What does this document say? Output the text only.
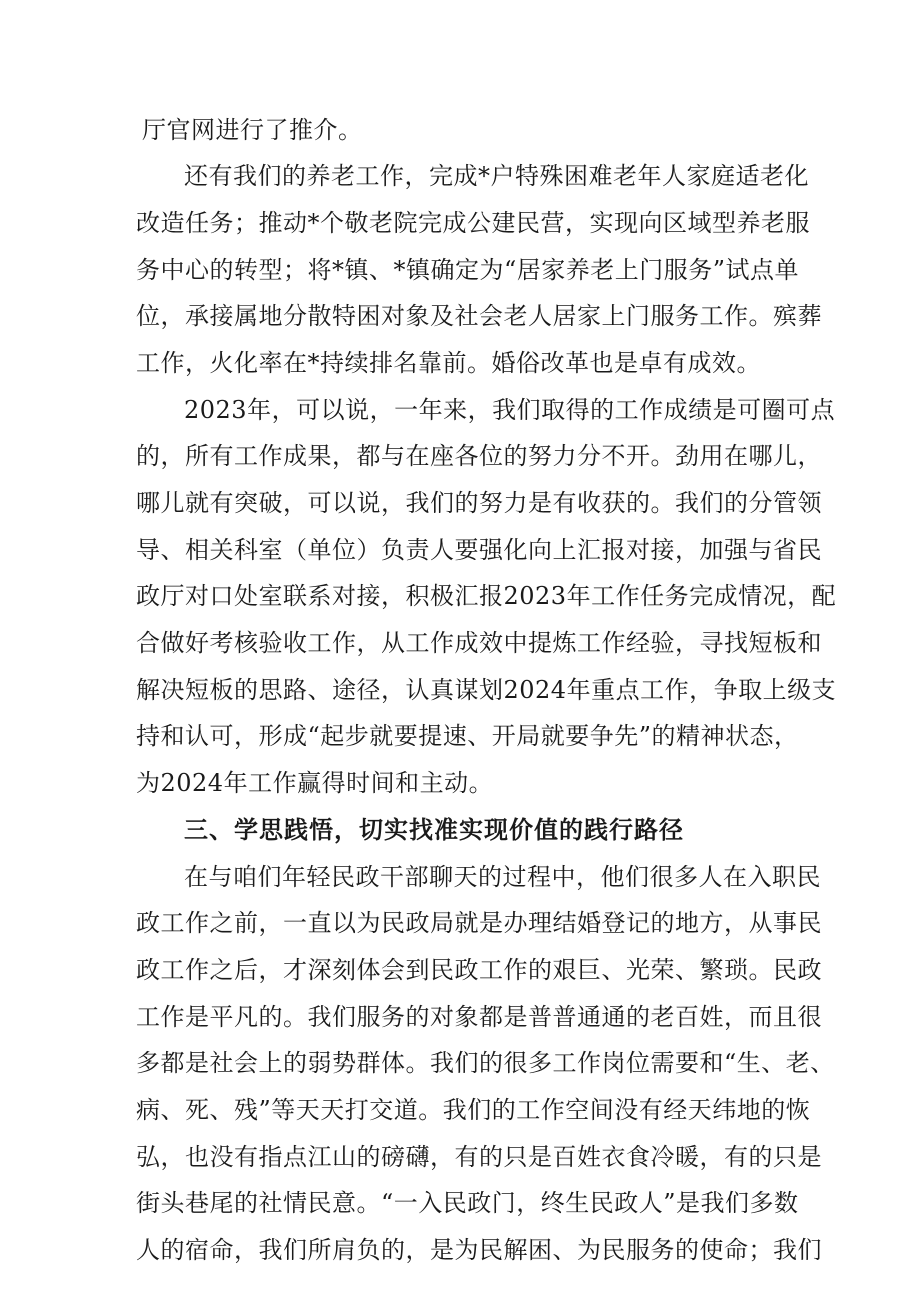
厅官网进行了推介。
还有我们的养老工作，完成*户特殊困难老年人家庭适老化
改造任务；推动*个敬老院完成公建民营，实现向区域型养老服
务中心的转型；将*镇、*镇确定为“居家养老上门服务”试点单
位，承接属地分散特困对象及社会老人居家上门服务工作。殡葬
工作，火化率在*持续排名靠前。婚俗改革也是卓有成效。
2023年，可以说，一年来，我们取得的工作成绩是可圈可点
的，所有工作成果，都与在座各位的努力分不开。劲用在哪儿，
哪儿就有突破，可以说，我们的努力是有收获的。我们的分管领
导、相关科室（单位）负责人要强化向上汇报对接，加强与省民
政厅对口处室联系对接，积极汇报2023年工作任务完成情况，配
合做好考核验收工作，从工作成效中提炼工作经验，寻找短板和
解决短板的思路、途径，认真谋划2024年重点工作，争取上级支
持和认可，形成“起步就要提速、开局就要争先”的精神状态，
为2024年工作赢得时间和主动。
三、学思践悟，切实找准实现价值的践行路径
在与咱们年轻民政干部聊天的过程中，他们很多人在入职民
政工作之前，一直以为民政局就是办理结婚登记的地方，从事民
政工作之后，才深刻体会到民政工作的艰巨、光荣、繁琐。民政
工作是平凡的。我们服务的对象都是普普通通的老百姓，而且很
多都是社会上的弱势群体。我们的很多工作岗位需要和“生、老、
病、死、残”等天天打交道。我们的工作空间没有经天纬地的恢
弘，也没有指点江山的磅礴，有的只是百姓衣食冷暖，有的只是
街头巷尾的社情民意。“一入民政门，终生民政人”是我们多数
人的宿命，我们所肩负的，是为民解困、为民服务的使命；我们
